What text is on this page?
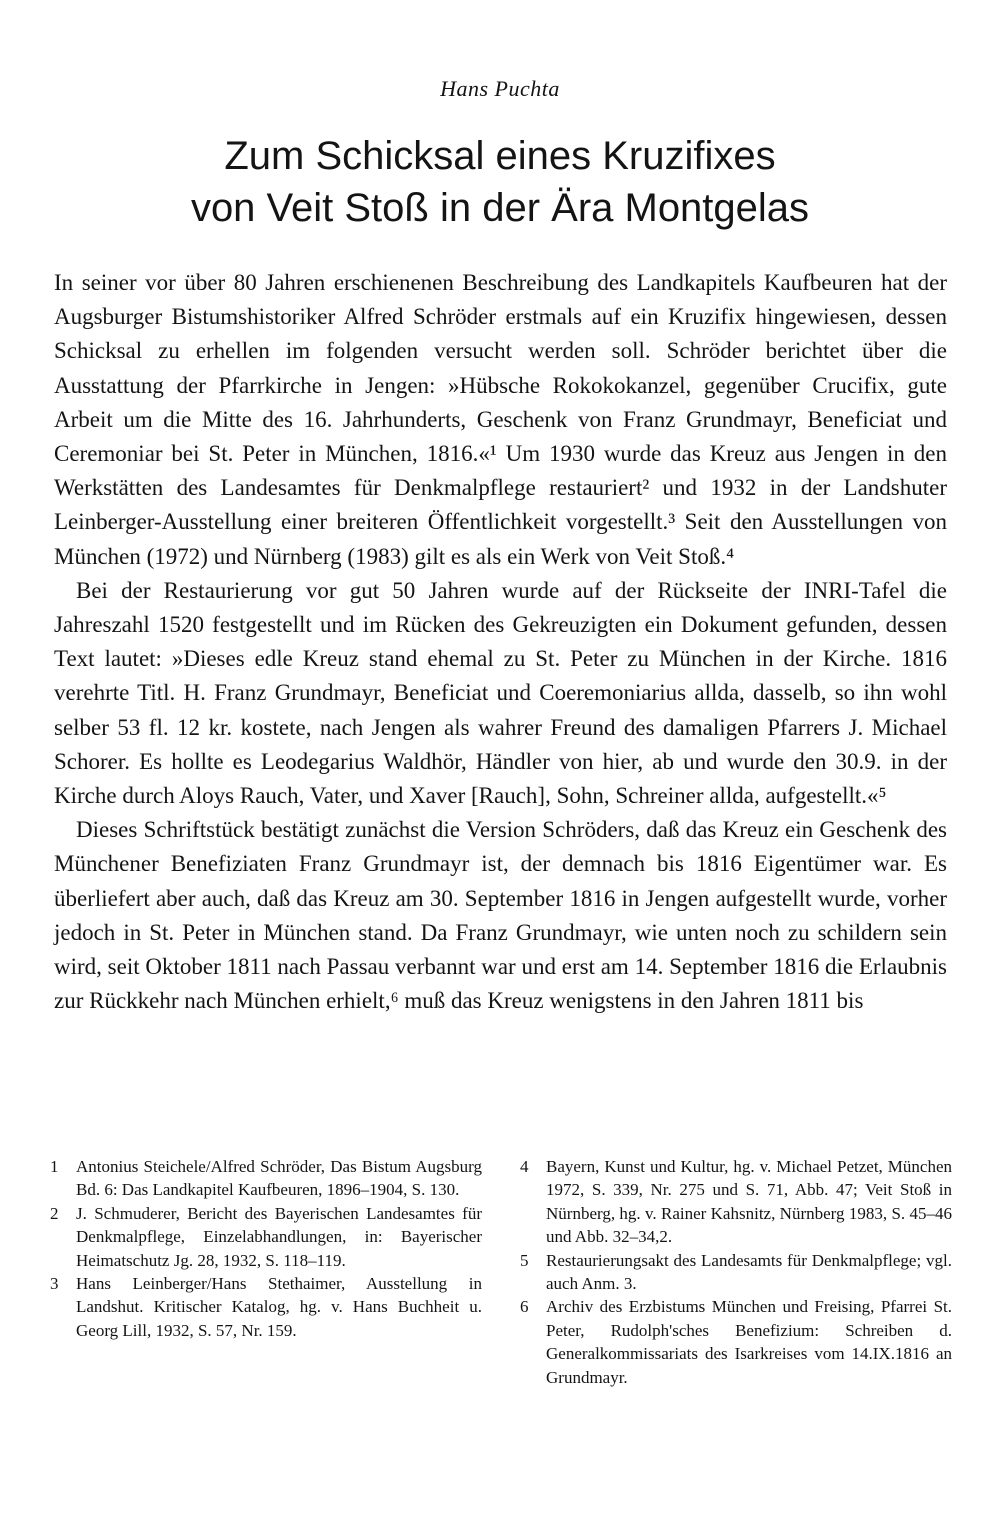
Hans Puchta
Zum Schicksal eines Kruzifixes
von Veit Stoß in der Ära Montgelas

In seiner vor über 80 Jahren erschienenen Beschreibung des Landkapitels Kaufbeuren hat der Augsburger Bistumshistoriker Alfred Schröder erstmals auf ein Kruzifix hingewiesen, dessen Schicksal zu erhellen im folgenden versucht werden soll. Schröder berichtet über die Ausstattung der Pfarrkirche in Jengen: »Hübsche Rokokokanzel, gegenüber Crucifix, gute Arbeit um die Mitte des 16. Jahrhunderts, Geschenk von Franz Grundmayr, Beneficiat und Ceremoniar bei St. Peter in München, 1816.«¹ Um 1930 wurde das Kreuz aus Jengen in den Werkstätten des Landesamtes für Denkmalpflege restauriert² und 1932 in der Landshuter Leinberger-Ausstellung einer breiteren Öffentlichkeit vorgestellt.³ Seit den Ausstellungen von München (1972) und Nürnberg (1983) gilt es als ein Werk von Veit Stoß.⁴

Bei der Restaurierung vor gut 50 Jahren wurde auf der Rückseite der INRI-Tafel die Jahreszahl 1520 festgestellt und im Rücken des Gekreuzigten ein Dokument gefunden, dessen Text lautet: »Dieses edle Kreuz stand ehemal zu St. Peter zu München in der Kirche. 1816 verehrte Titl. H. Franz Grundmayr, Beneficiat und Coeremoniarius allda, dasselb, so ihn wohl selber 53 fl. 12 kr. kostete, nach Jengen als wahrer Freund des damaligen Pfarrers J. Michael Schorer. Es hollte es Leodegarius Waldhör, Händler von hier, ab und wurde den 30.9. in der Kirche durch Aloys Rauch, Vater, und Xaver [Rauch], Sohn, Schreiner allda, aufgestellt.«⁵

Dieses Schriftstück bestätigt zunächst die Version Schröders, daß das Kreuz ein Geschenk des Münchener Benefiziaten Franz Grundmayr ist, der demnach bis 1816 Eigentümer war. Es überliefert aber auch, daß das Kreuz am 30. September 1816 in Jengen aufgestellt wurde, vorher jedoch in St. Peter in München stand. Da Franz Grundmayr, wie unten noch zu schildern sein wird, seit Oktober 1811 nach Passau verbannt war und erst am 14. September 1816 die Erlaubnis zur Rückkehr nach München erhielt,⁶ muß das Kreuz wenigstens in den Jahren 1811 bis

1	Antonius Steichele/Alfred Schröder, Das Bistum Augsburg Bd. 6: Das Landkapitel Kaufbeuren, 1896–1904, S. 130.
2	J. Schmuderer, Bericht des Bayerischen Landesamtes für Denkmalpflege, Einzelabhandlungen, in: Bayerischer Heimatschutz Jg. 28, 1932, S. 118–119.
3	Hans Leinberger/Hans Stethaimer, Ausstellung in Landshut. Kritischer Katalog, hg. v. Hans Buchheit u. Georg Lill, 1932, S. 57, Nr. 159.
4	Bayern, Kunst und Kultur, hg. v. Michael Petzet, München 1972, S. 339, Nr. 275 und S. 71, Abb. 47; Veit Stoß in Nürnberg, hg. v. Rainer Kahsnitz, Nürnberg 1983, S. 45–46 und Abb. 32–34,2.
5	Restaurierungsakt des Landesamts für Denkmalpflege; vgl. auch Anm. 3.
6	Archiv des Erzbistums München und Freising, Pfarrei St. Peter, Rudolph'sches Benefizium: Schreiben d. Generalkommissariats des Isarkreises vom 14.IX.1816 an Grundmayr.
